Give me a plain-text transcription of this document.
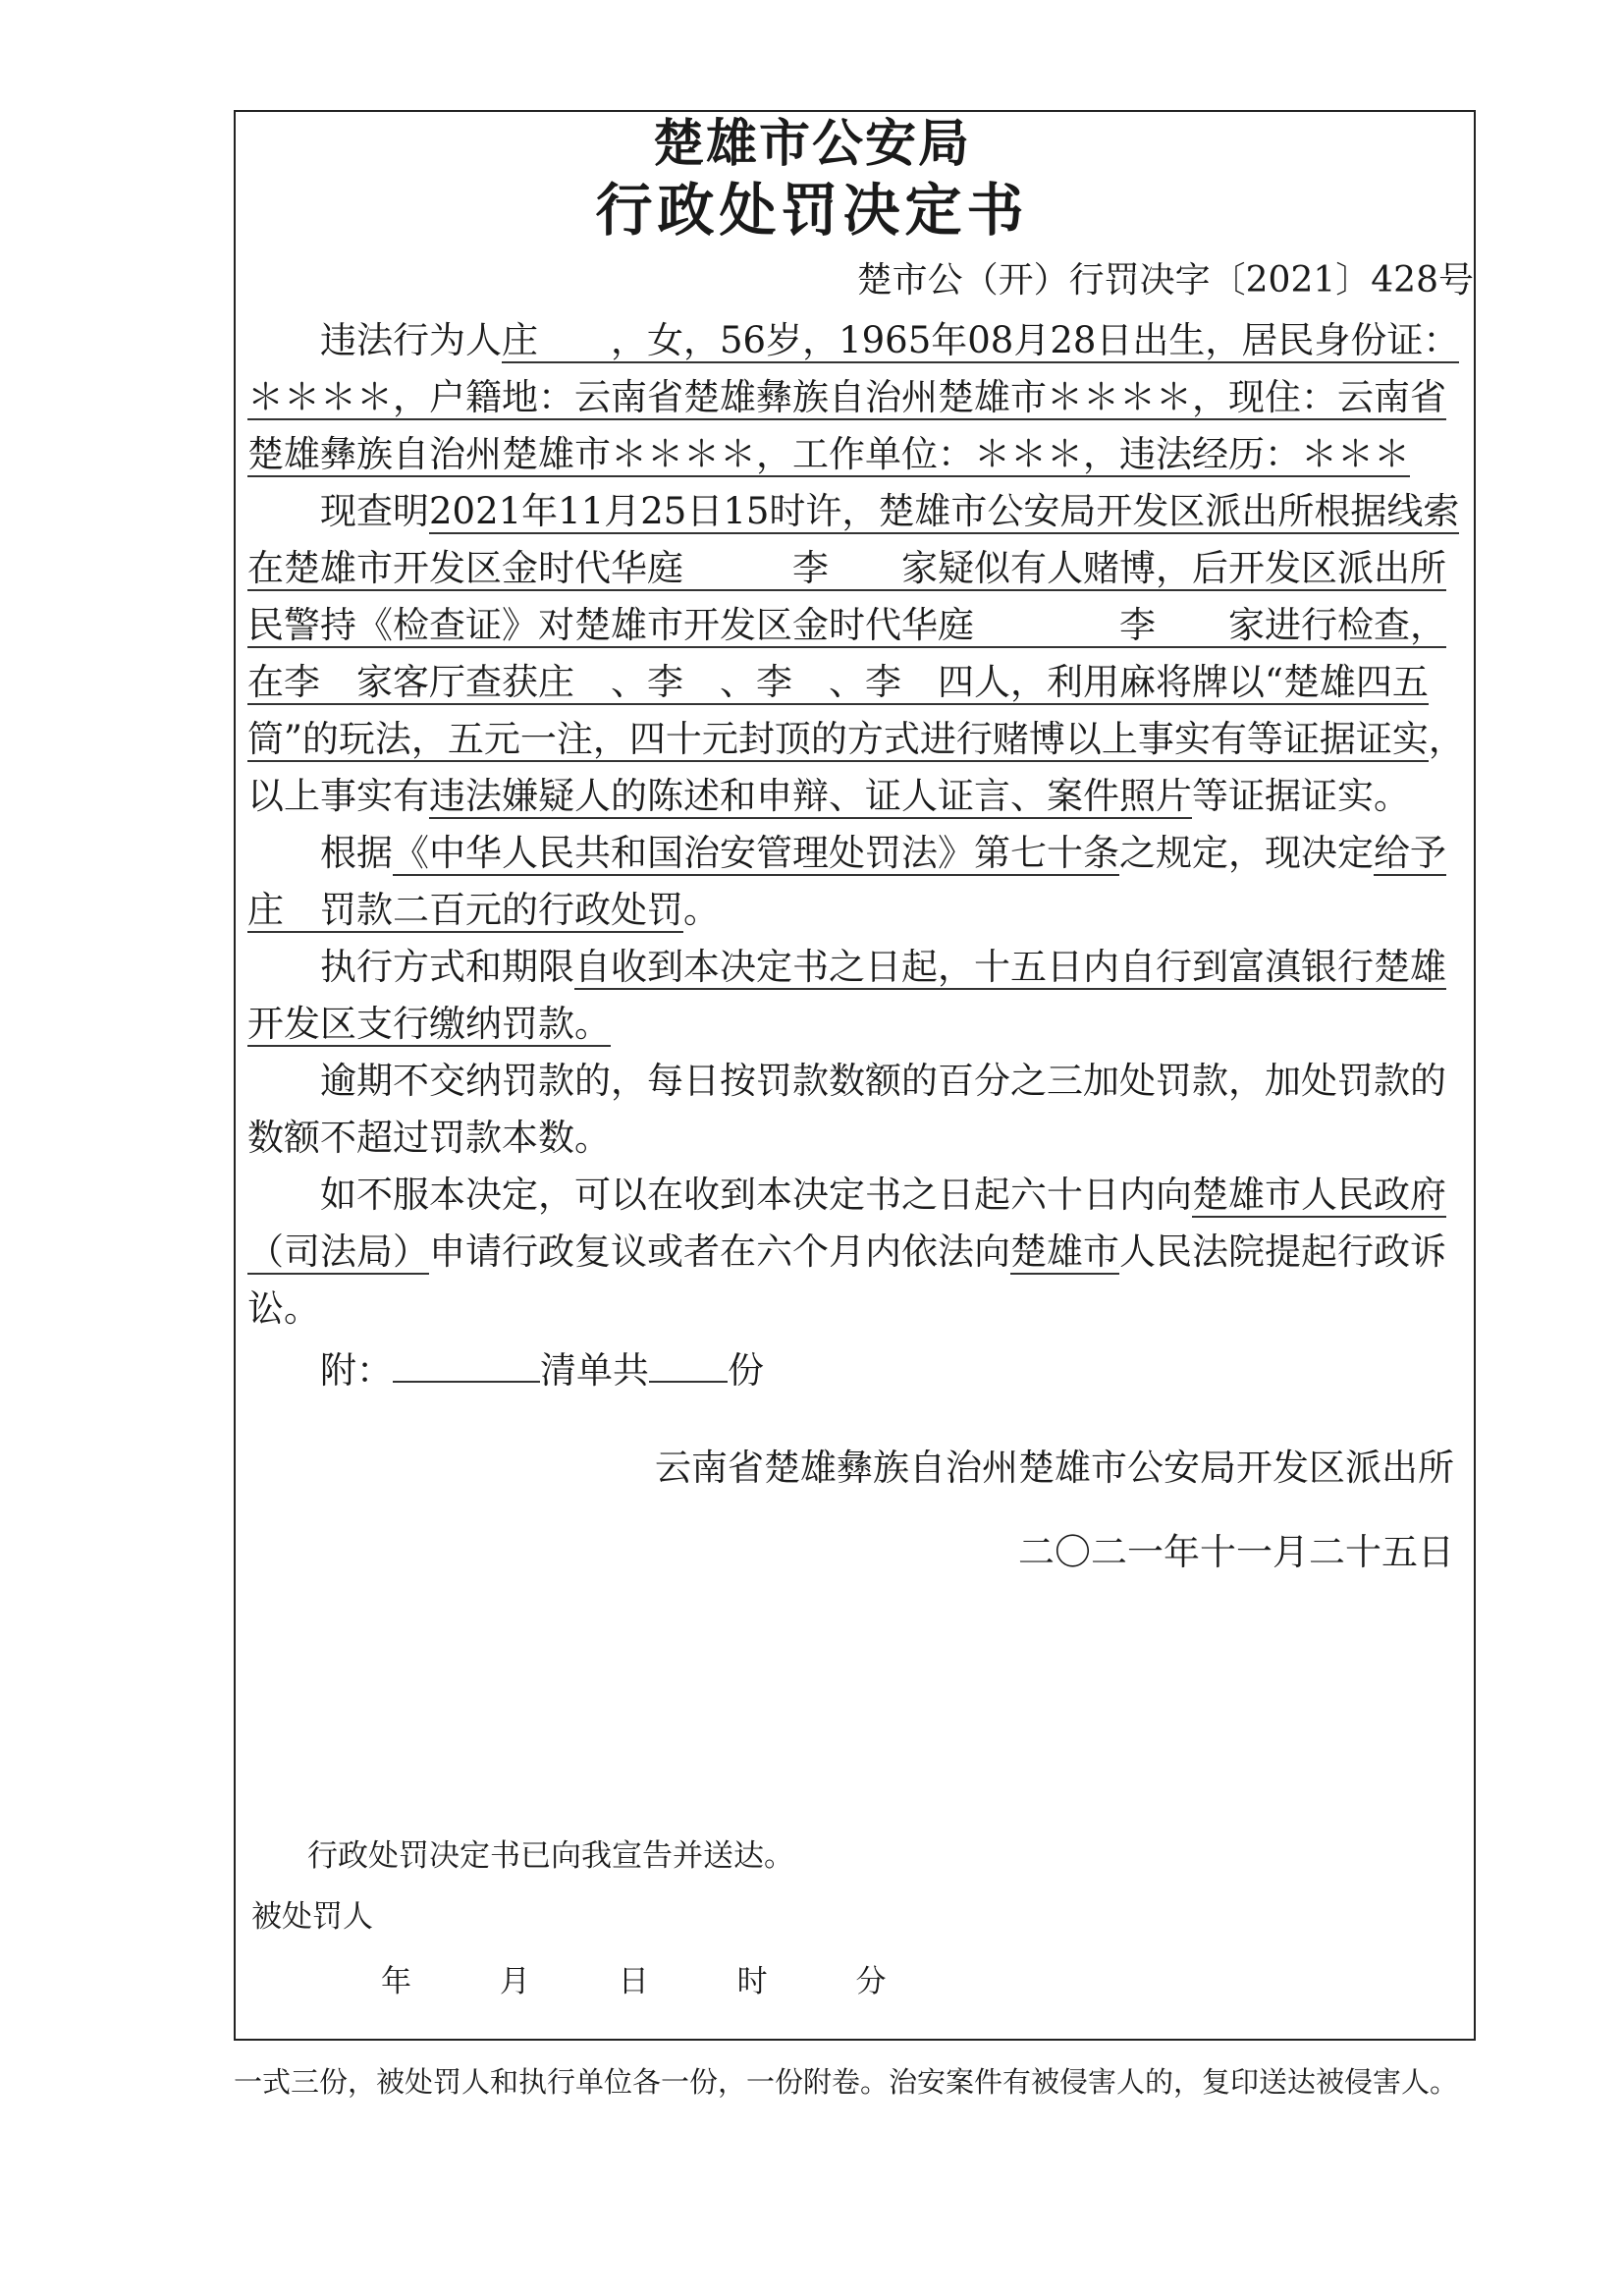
楚雄市公安局
行政处罚决定书
楚市公（开）行罚决字〔2021〕428号

违法行为人庄　　 ，女，56岁，1965年08月28日出生，居民身份证：＊＊＊＊，户籍地：云南省楚雄彝族自治州楚雄市＊＊＊＊，现住：云南省楚雄彝族自治州楚雄市＊＊＊＊，工作单位：＊＊＊，违法经历：＊＊＊

现查明2021年11月25日15时许，楚雄市公安局开发区派出所根据线索在楚雄市开发区金时代华庭　　　	李　　 家疑似有人赌博，后开发区派出所民警持《检查证》对楚雄市开发区金时代华庭　　　　	李　　 家进行检查，在李　 家客厅查获庄　 、李　 、李　 、李　 四人，利用麻将牌以“楚雄四五筒”的玩法，五元一注，四十元封顶的方式进行赌博以上事实有等证据证实，以上事实有违法嫌疑人的陈述和申辩、证人证言、案件照片等证据证实。

根据《中华人民共和国治安管理处罚法》第七十条之规定，现决定给予庄　 罚款二百元的行政处罚。

执行方式和期限自收到本决定书之日起，十五日内自行到富滇银行楚雄开发区支行缴纳罚款。

逾期不交纳罚款的，每日按罚款数额的百分之三加处罚款，加处罚款的数额不超过罚款本数。

如不服本决定，可以在收到本决定书之日起六十日内向楚雄市人民政府（司法局）申请行政复议或者在六个月内依法向楚雄市人民法院提起行政诉讼。

附：	清单共 份

云南省楚雄彝族自治州楚雄市公安局开发区派出所
二〇二一年十一月二十五日
行政处罚决定书已向我宣告并送达。
被处罚人
年	月	日	时	分
一式三份，被处罚人和执行单位各一份，一份附卷。治安案件有被侵害人的，复印送达被侵害人。
